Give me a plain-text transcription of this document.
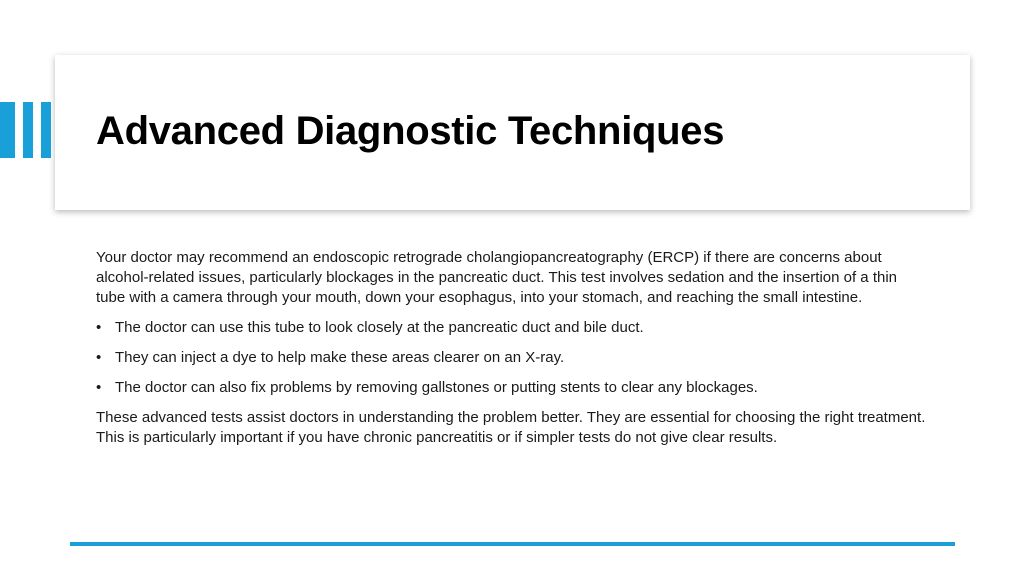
Advanced Diagnostic Techniques

Your doctor may recommend an endoscopic retrograde cholangiopancreatography (ERCP) if there are concerns about alcohol-related issues, particularly blockages in the pancreatic duct. This test involves sedation and the insertion of a thin tube with a camera through your mouth, down your esophagus, into your stomach, and reaching the small intestine.

• The doctor can use this tube to look closely at the pancreatic duct and bile duct.
• They can inject a dye to help make these areas clearer on an X-ray.
• The doctor can also fix problems by removing gallstones or putting stents to clear any blockages.

These advanced tests assist doctors in understanding the problem better. They are essential for choosing the right treatment. This is particularly important if you have chronic pancreatitis or if simpler tests do not give clear results.
